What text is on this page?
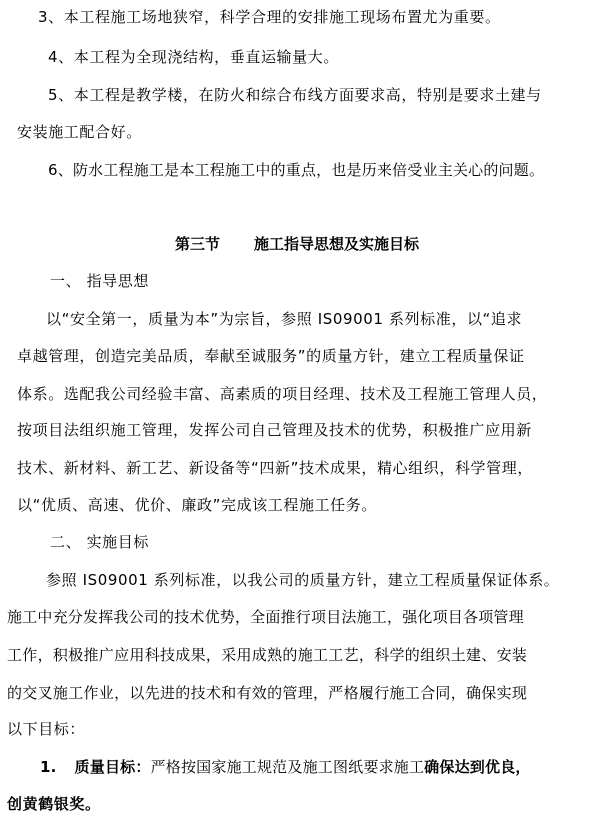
3、本工程施工场地狭窄，科学合理的安排施工现场布置尤为重要。
4、本工程为全现浇结构，垂直运输量大。
5、本工程是教学楼，在防火和综合布线方面要求高，特别是要求土建与
安装施工配合好。
6、防水工程施工是本工程施工中的重点，也是历来倍受业主关心的问题。
第三节 施工指导思想及实施目标
一、 指导思想
以“安全第一，质量为本”为宗旨，参照 IS09001 系列标准，以“追求
卓越管理，创造完美品质，奉献至诚服务”的质量方针，建立工程质量保证
体系。选配我公司经验丰富、高素质的项目经理、技术及工程施工管理人员，
按项目法组织施工管理，发挥公司自己管理及技术的优势，积极推广应用新
技术、新材料、新工艺、新设备等“四新”技术成果，精心组织，科学管理，
以“优质、高速、优价、廉政”完成该工程施工任务。
二、 实施目标
参照 IS09001 系列标准，以我公司的质量方针，建立工程质量保证体系。
施工中充分发挥我公司的技术优势，全面推行项目法施工，强化项目各项管理
工作，积极推广应用科技成果，采用成熟的施工工艺，科学的组织土建、安装
的交叉施工作业，以先进的技术和有效的管理，严格履行施工合同，确保实现
以下目标：
1. 质量目标：严格按国家施工规范及施工图纸要求施工确保达到优良，
创黄鹤银奖。
